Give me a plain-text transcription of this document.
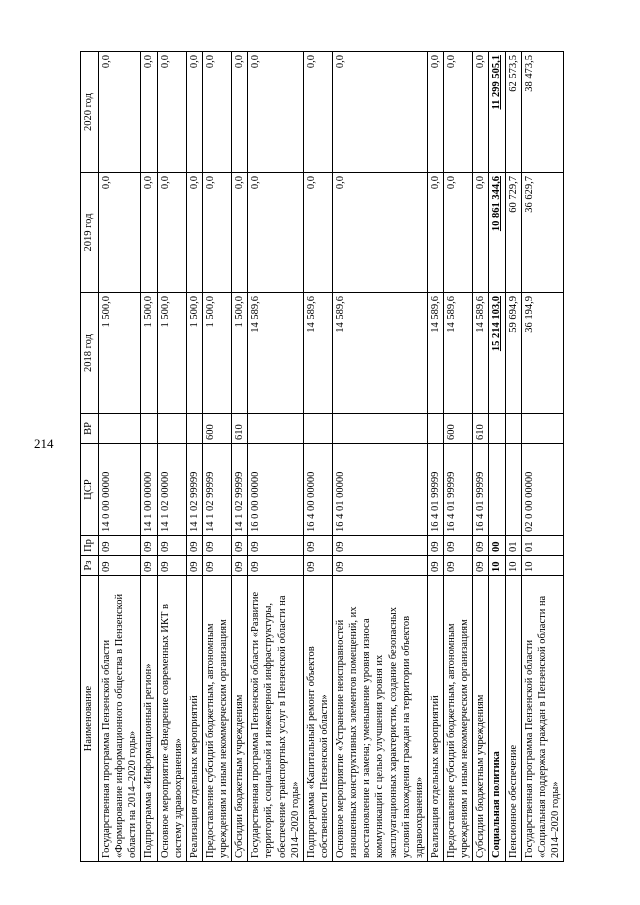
214
Наименование	Рз	Пр	ЦСР	ВР	2018 год	2019 год	2020 год
Государственная программа Пензенской области «Формирование информационного общества в Пензенской области на 2014–2020 годы»	09	09	14 0 00 00000		1 500,0	0,0	0,0
Подпрограмма «Информационный регион»	09	09	14 1 00 00000		1 500,0	0,0	0,0
Основное мероприятие «Внедрение современных ИКТ в систему здравоохранения»	09	09	14 1 02 00000		1 500,0	0,0	0,0
Реализация отдельных мероприятий	09	09	14 1 02 99999		1 500,0	0,0	0,0
Предоставление субсидий бюджетным, автономным учреждениям и иным некоммерческим организациям	09	09	14 1 02 99999	600	1 500,0	0,0	0,0
Субсидии бюджетным учреждениям	09	09	14 1 02 99999	610	1 500,0	0,0	0,0
Государственная программа Пензенской области «Развитие территорий, социальной и инженерной инфраструктуры, обеспечение транспортных услуг в Пензенской области на 2014–2020 годы»	09	09	16 0 00 00000		14 589,6	0,0	0,0
Подпрограмма «Капитальный ремонт объектов собственности Пензенской области»	09	09	16 4 00 00000		14 589,6	0,0	0,0
Основное мероприятие «Устранение неисправностей изношенных конструктивных элементов помещений, их восстановление и замена; уменьшение уровня износа коммуникаций с целью улучшения уровня их эксплуатационных характеристик, создание безопасных условий нахождения граждан на территории объектов здравоохранения»	09	09	16 4 01 00000		14 589,6	0,0	0,0
Реализация отдельных мероприятий	09	09	16 4 01 99999		14 589,6	0,0	0,0
Предоставление субсидий бюджетным, автономным учреждениям и иным некоммерческим организациям	09	09	16 4 01 99999	600	14 589,6	0,0	0,0
Субсидии бюджетным учреждениям	09	09	16 4 01 99999	610	14 589,6	0,0	0,0
Социальная политика	10	00			15 214 103,0	10 861 344,6	11 299 505,1
Пенсионное обеспечение	10	01			59 694,9	60 729,7	62 573,5
Государственная программа Пензенской области «Социальная поддержка граждан в Пензенской области на 2014–2020 годы»	10	01	02 0 00 00000		36 194,9	36 629,7	38 473,5
